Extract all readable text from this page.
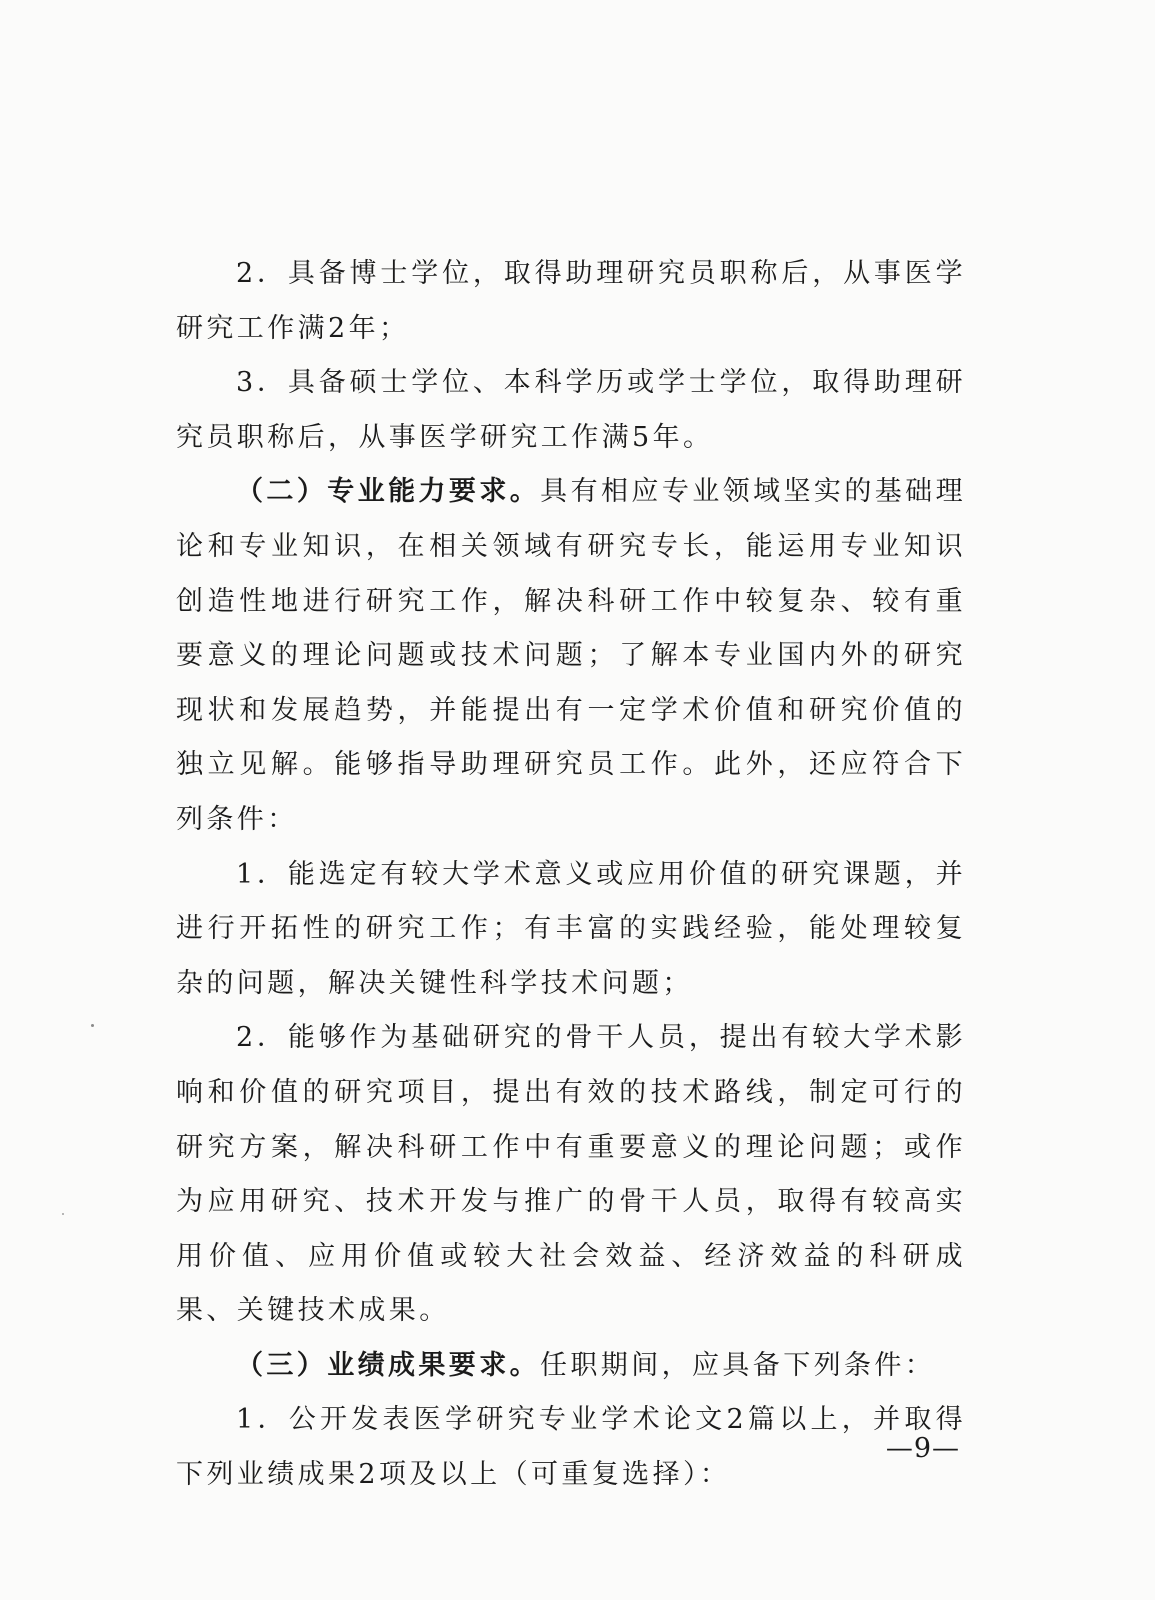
2．具备博士学位，取得助理研究员职称后，从事医学研究工作满2年；

3．具备硕士学位、本科学历或学士学位，取得助理研究员职称后，从事医学研究工作满5年。

（二）专业能力要求。具有相应专业领域坚实的基础理论和专业知识，在相关领域有研究专长，能运用专业知识创造性地进行研究工作，解决科研工作中较复杂、较有重要意义的理论问题或技术问题；了解本专业国内外的研究现状和发展趋势，并能提出有一定学术价值和研究价值的独立见解。能够指导助理研究员工作。此外，还应符合下列条件：

1．能选定有较大学术意义或应用价值的研究课题，并进行开拓性的研究工作；有丰富的实践经验，能处理较复杂的问题，解决关键性科学技术问题；

2．能够作为基础研究的骨干人员，提出有较大学术影响和价值的研究项目，提出有效的技术路线，制定可行的研究方案，解决科研工作中有重要意义的理论问题；或作为应用研究、技术开发与推广的骨干人员，取得有较高实用价值、应用价值或较大社会效益、经济效益的科研成果、关键技术成果。

（三）业绩成果要求。任职期间，应具备下列条件：

1．公开发表医学研究专业学术论文2篇以上，并取得下列业绩成果2项及以上（可重复选择）：

—9—
